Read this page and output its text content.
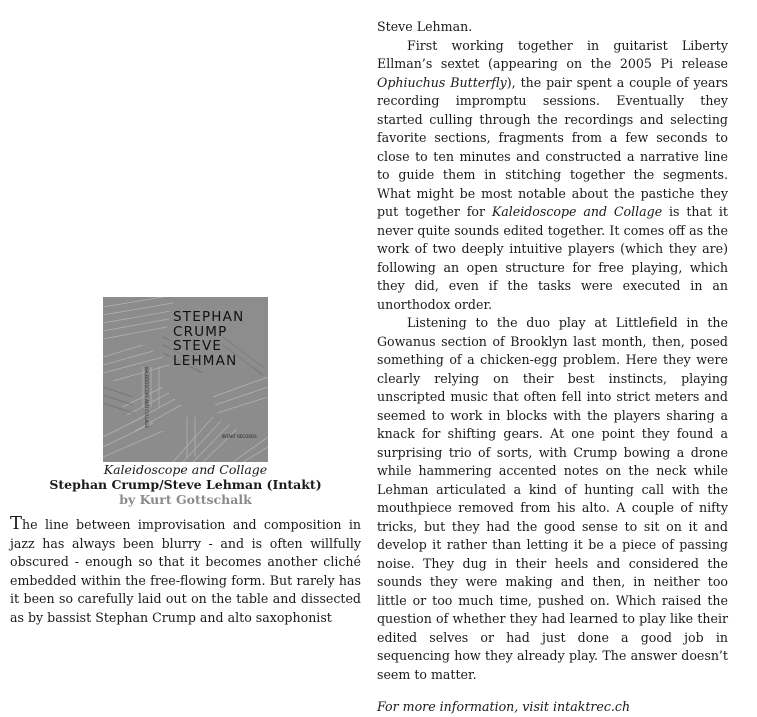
STEPHAN
CRUMP
STEVE
LEHMAN
KALEIDOSCOPE AND COLLAGE
INTAKT RECORDS
Kaleidoscope and Collage
Stephan Crump/Steve Lehman (Intakt)
by Kurt Gottschalk
The line between improvisation and composition in jazz has always been blurry - and is often willfully obscured - enough so that it becomes another cliché embedded within the free-flowing form. But rarely has it been so carefully laid out on the table and dissected as by bassist Stephan Crump and alto saxophonist

Steve Lehman.

First working together in guitarist Liberty Ellman’s sextet (appearing on the 2005 Pi release Ophiuchus Butterfly), the pair spent a couple of years recording impromptu sessions. Eventually they started culling through the recordings and selecting favorite sections, fragments from a few seconds to close to ten minutes and constructed a narrative line to guide them in stitching together the segments. What might be most notable about the pastiche they put together for Kaleidoscope and Collage is that it never quite sounds edited together. It comes off as the work of two deeply intuitive players (which they are) following an open structure for free playing, which they did, even if the tasks were executed in an unorthodox order.

Listening to the duo play at Littlefield in the Gowanus section of Brooklyn last month, then, posed something of a chicken-egg problem. Here they were clearly relying on their best instincts, playing unscripted music that often fell into strict meters and seemed to work in blocks with the players sharing a knack for shifting gears. At one point they found a surprising trio of sorts, with Crump bowing a drone while hammering accented notes on the neck while Lehman articulated a kind of hunting call with the mouthpiece removed from his alto. A couple of nifty tricks, but they had the good sense to sit on it and develop it rather than letting it be a piece of passing noise. They dug in their heels and considered the sounds they were making and then, in neither too little or too much time, pushed on. Which raised the question of whether they had learned to play like their edited selves or had just done a good job in sequencing how they already play. The answer doesn’t seem to matter.

For more information, visit intaktrec.ch
